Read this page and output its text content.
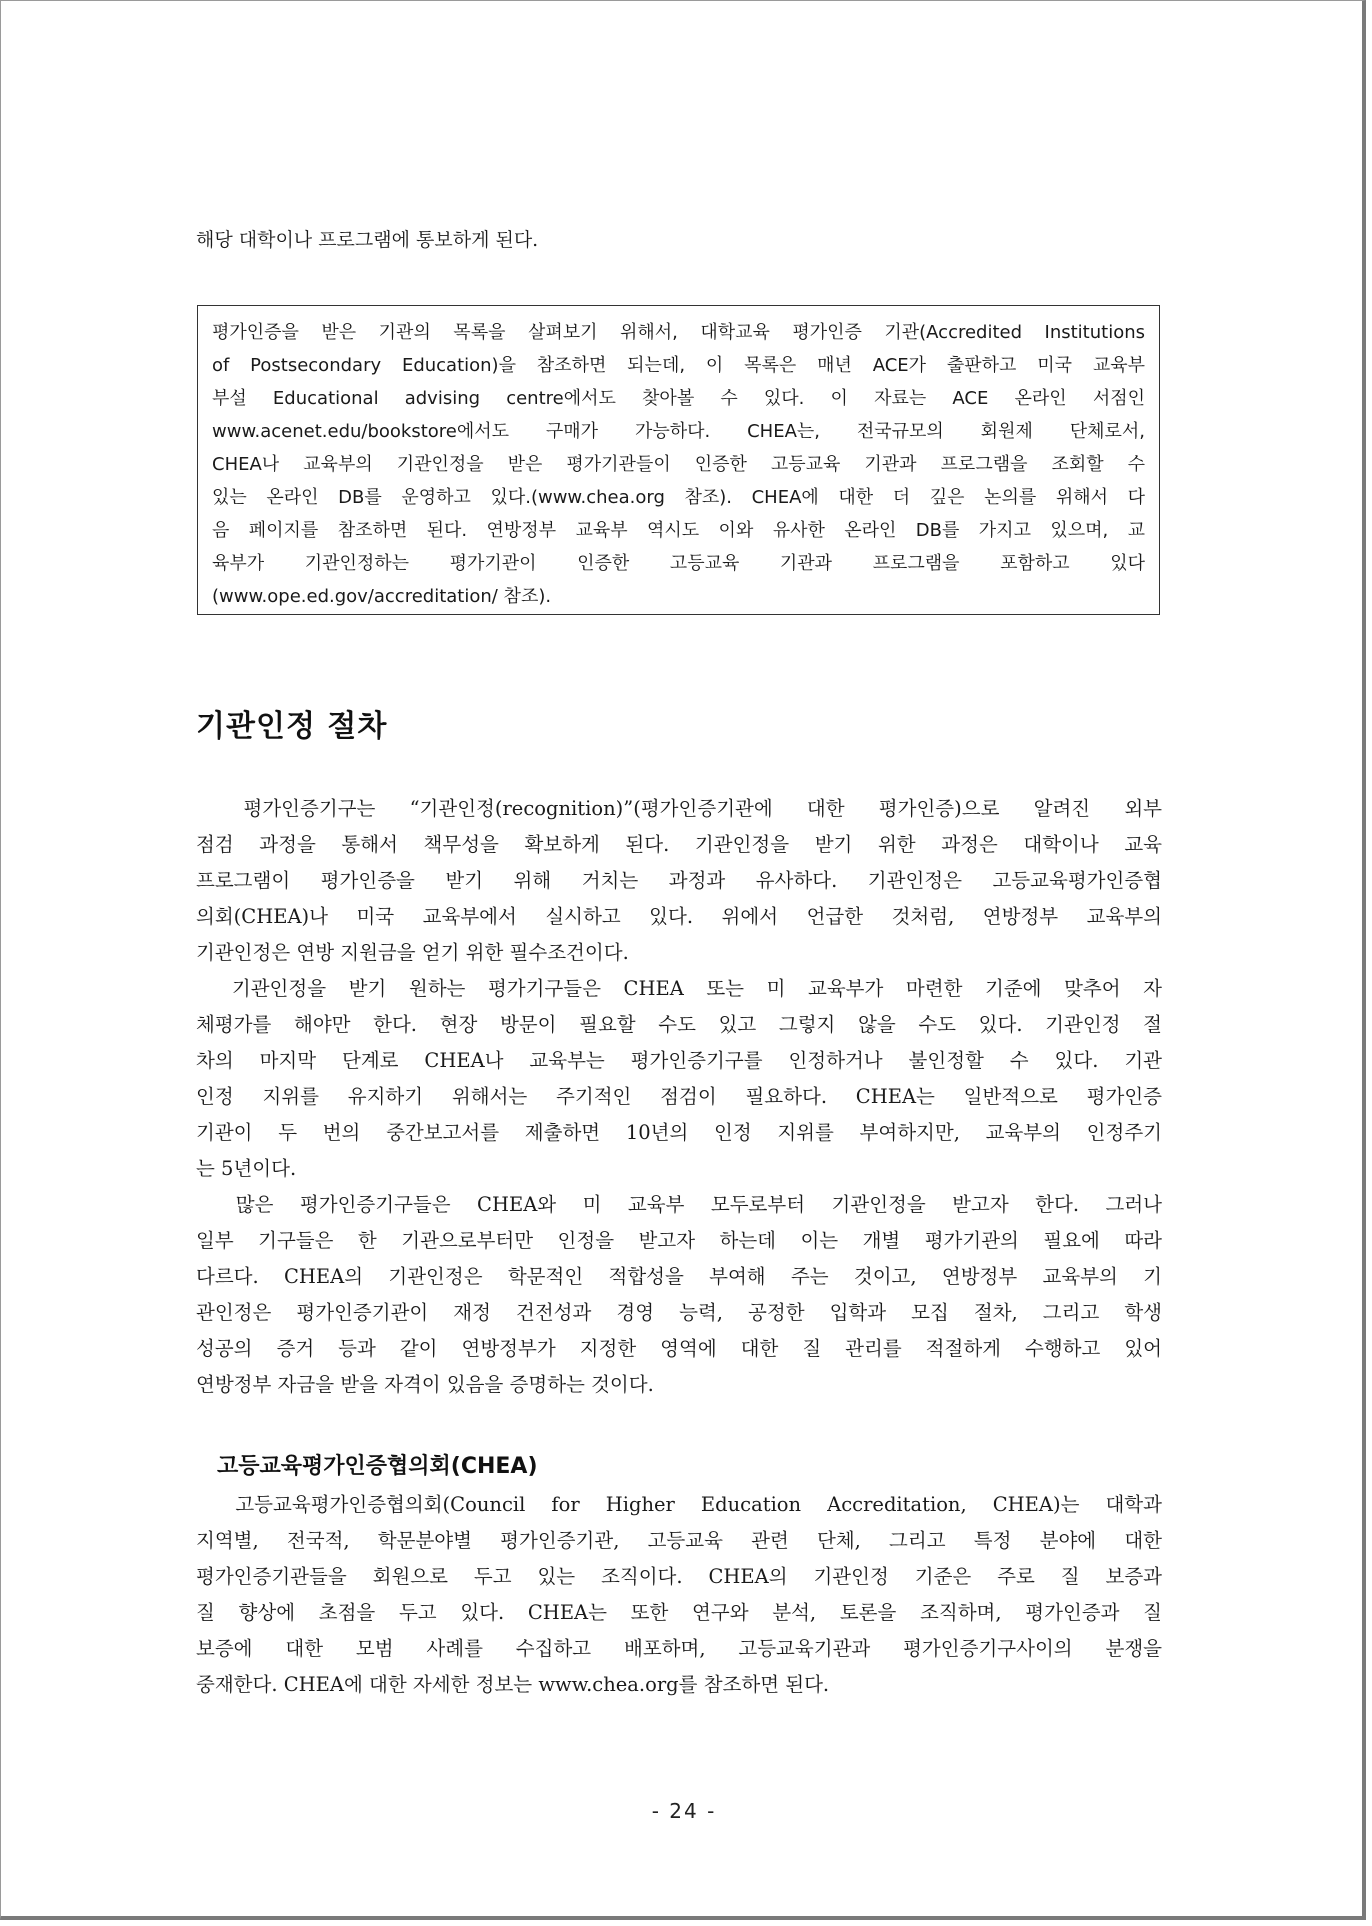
해당 대학이나 프로그램에 통보하게 된다.
평가인증을 받은 기관의 목록을 살펴보기 위해서, 대학교육 평가인증 기관(Accredited Institutions
of Postsecondary Education)을 참조하면 되는데, 이 목록은 매년 ACE가 출판하고 미국 교육부
부설 Educational advising centre에서도 찾아볼 수 있다. 이 자료는 ACE 온라인 서점인
www.acenet.edu/bookstore에서도 구매가 가능하다. CHEA는, 전국규모의 회원제 단체로서,
CHEA나 교육부의 기관인정을 받은 평가기관들이 인증한 고등교육 기관과 프로그램을 조회할 수
있는 온라인 DB를 운영하고 있다.(www.chea.org 참조). CHEA에 대한 더 깊은 논의를 위해서 다
음 페이지를 참조하면 된다. 연방정부 교육부 역시도 이와 유사한 온라인 DB를 가지고 있으며, 교
육부가 기관인정하는 평가기관이 인증한 고등교육 기관과 프로그램을 포함하고 있다
(www.ope.ed.gov/accreditation/ 참조).
기관인정 절차
　평가인증기구는 “기관인정(recognition)”(평가인증기관에 대한 평가인증)으로 알려진 외부
점검 과정을 통해서 책무성을 확보하게 된다. 기관인정을 받기 위한 과정은 대학이나 교육
프로그램이 평가인증을 받기 위해 거치는 과정과 유사하다. 기관인정은 고등교육평가인증협
의회(CHEA)나 미국 교육부에서 실시하고 있다. 위에서 언급한 것처럼, 연방정부 교육부의
기관인정은 연방 지원금을 얻기 위한 필수조건이다.
　기관인정을 받기 원하는 평가기구들은 CHEA 또는 미 교육부가 마련한 기준에 맞추어 자
체평가를 해야만 한다. 현장 방문이 필요할 수도 있고 그렇지 않을 수도 있다. 기관인정 절
차의 마지막 단계로 CHEA나 교육부는 평가인증기구를 인정하거나 불인정할 수 있다. 기관
인정 지위를 유지하기 위해서는 주기적인 점검이 필요하다. CHEA는 일반적으로 평가인증
기관이 두 번의 중간보고서를 제출하면 10년의 인정 지위를 부여하지만, 교육부의 인정주기
는 5년이다.
　많은 평가인증기구들은 CHEA와 미 교육부 모두로부터 기관인정을 받고자 한다. 그러나
일부 기구들은 한 기관으로부터만 인정을 받고자 하는데 이는 개별 평가기관의 필요에 따라
다르다. CHEA의 기관인정은 학문적인 적합성을 부여해 주는 것이고, 연방정부 교육부의 기
관인정은 평가인증기관이 재정 건전성과 경영 능력, 공정한 입학과 모집 절차, 그리고 학생
성공의 증거 등과 같이 연방정부가 지정한 영역에 대한 질 관리를 적절하게 수행하고 있어
연방정부 자금을 받을 자격이 있음을 증명하는 것이다.
고등교육평가인증협의회(CHEA)
　고등교육평가인증협의회(Council for Higher Education Accreditation, CHEA)는 대학과
지역별, 전국적, 학문분야별 평가인증기관, 고등교육 관련 단체, 그리고 특정 분야에 대한
평가인증기관들을 회원으로 두고 있는 조직이다. CHEA의 기관인정 기준은 주로 질 보증과
질 향상에 초점을 두고 있다. CHEA는 또한 연구와 분석, 토론을 조직하며, 평가인증과 질
보증에 대한 모범 사례를 수집하고 배포하며, 고등교육기관과 평가인증기구사이의 분쟁을
중재한다. CHEA에 대한 자세한 정보는 www.chea.org를 참조하면 된다.
- 24 -
